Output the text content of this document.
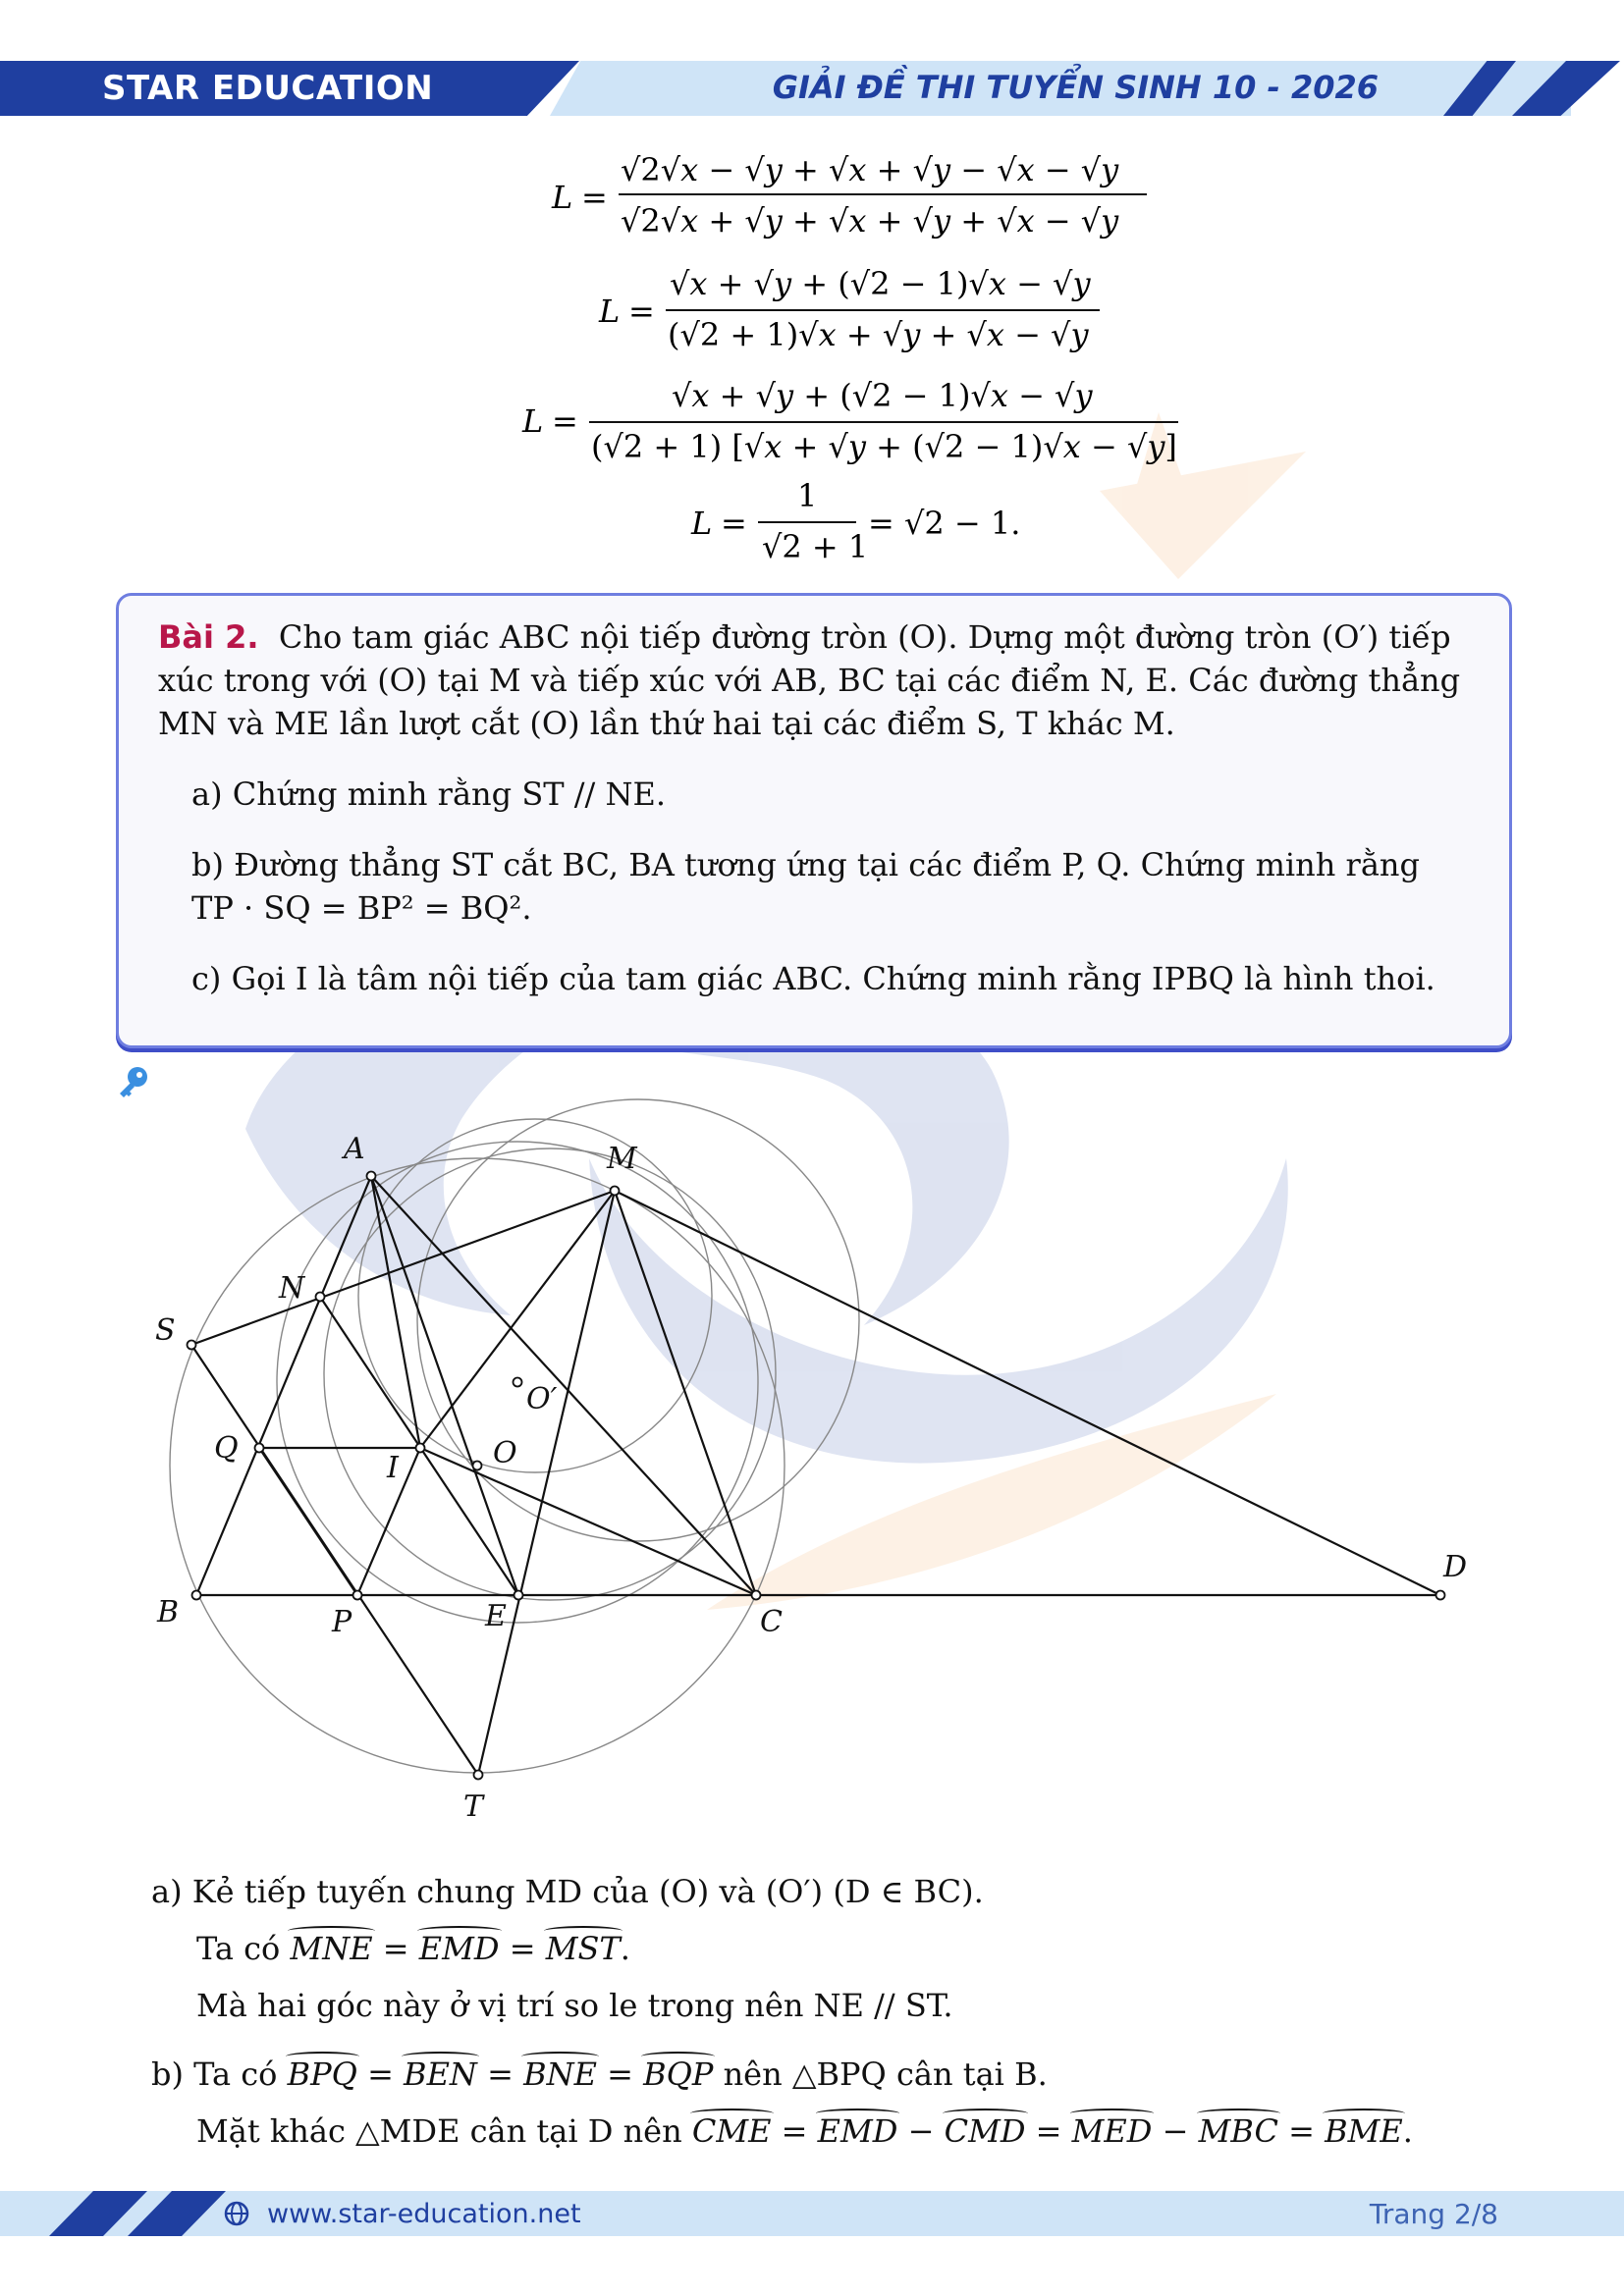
STAR EDUCATION	GIẢI ĐỀ THI TUYỂN SINH 10 - 2026
L =
√2√x − √y + √x + √y − √x − √y
√2√x + √y + √x + √y + √x − √y
L =
√x + √y + (√2 − 1)√x − √y
(√2 + 1)√x + √y + √x − √y
L =
√x + √y + (√2 − 1)√x − √y
(√2 + 1) [√x + √y + (√2 − 1)√x − √y]
L =
1
√2 + 1
= √2 − 1.

Bài 2. Cho tam giác ABC nội tiếp đường tròn (O). Dựng một đường tròn (O′) tiếp xúc trong với (O) tại M và tiếp xúc với AB, BC tại các điểm N, E. Các đường thẳng MN và ME lần lượt cắt (O) lần thứ hai tại các điểm S, T khác M.

a) Chứng minh rằng ST // NE.

b) Đường thẳng ST cắt BC, BA tương ứng tại các điểm P, Q. Chứng minh rằng TP · SQ = BP² = BQ².

c) Gọi I là tâm nội tiếp của tam giác ABC. Chứng minh rằng IPBQ là hình thoi.

A	M
N
S
Q
I	O
O′
B	P	E	C
D
T
a) Kẻ tiếp tuyến chung MD của (O) và (O′) (D ∈ BC).
Ta có MNE = EMD = MST.
Mà hai góc này ở vị trí so le trong nên NE // ST.
b) Ta có BPQ = BEN = BNE = BQP nên △BPQ cân tại B.
Mặt khác △MDE cân tại D nên CME = EMD − CMD = MED − MBC = BME.
www.star-education.net	Trang 2/8
